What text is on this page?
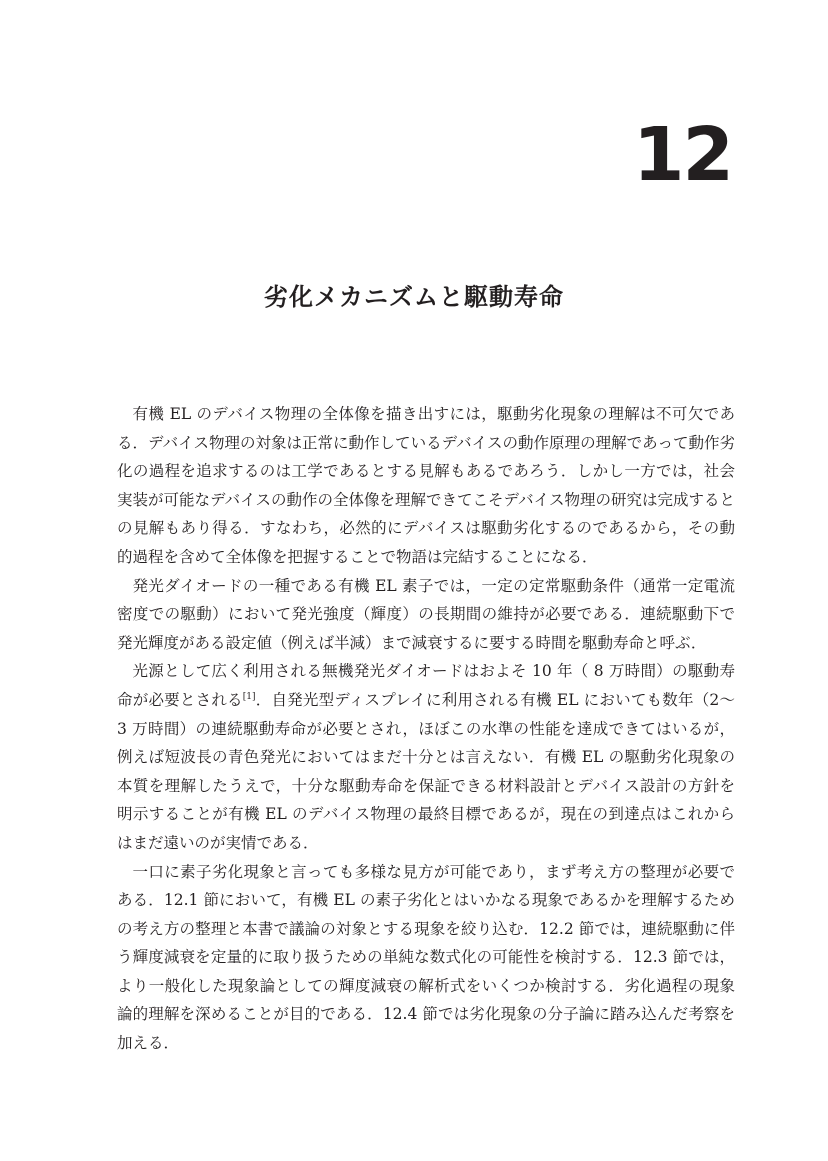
12
劣化メカニズムと駆動寿命

有機 EL のデバイス物理の全体像を描き出すには，駆動劣化現象の理解は不可欠である．デバイス物理の対象は正常に動作しているデバイスの動作原理の理解であって動作劣化の過程を追求するのは工学であるとする見解もあるであろう．しかし一方では，社会実装が可能なデバイスの動作の全体像を理解できてこそデバイス物理の研究は完成するとの見解もあり得る．すなわち，必然的にデバイスは駆動劣化するのであるから，その動的過程を含めて全体像を把握することで物語は完結することになる．

発光ダイオードの一種である有機 EL 素子では，一定の定常駆動条件（通常一定電流密度での駆動）において発光強度（輝度）の長期間の維持が必要である．連続駆動下で発光輝度がある設定値（例えば半減）まで減衰するに要する時間を駆動寿命と呼ぶ．

光源として広く利用される無機発光ダイオードはおよそ 10 年（ 8 万時間）の駆動寿命が必要とされる[1]．自発光型ディスプレイに利用される有機 EL においても数年（2～3 万時間）の連続駆動寿命が必要とされ，ほぼこの水準の性能を達成できてはいるが，例えば短波長の青色発光においてはまだ十分とは言えない．有機 EL の駆動劣化現象の本質を理解したうえで，十分な駆動寿命を保証できる材料設計とデバイス設計の方針を明示することが有機 EL のデバイス物理の最終目標であるが，現在の到達点はこれからはまだ遠いのが実情である．

一口に素子劣化現象と言っても多様な見方が可能であり，まず考え方の整理が必要である．12.1 節において，有機 EL の素子劣化とはいかなる現象であるかを理解するための考え方の整理と本書で議論の対象とする現象を絞り込む．12.2 節では，連続駆動に伴う輝度減衰を定量的に取り扱うための単純な数式化の可能性を検討する．12.3 節では，より一般化した現象論としての輝度減衰の解析式をいくつか検討する．劣化過程の現象論的理解を深めることが目的である．12.4 節では劣化現象の分子論に踏み込んだ考察を加える．
